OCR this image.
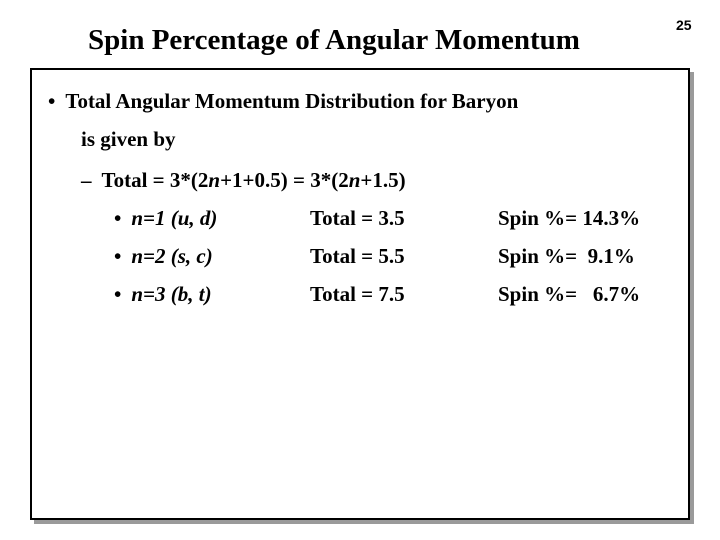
Spin Percentage of Angular Momentum	25
• Total Angular Momentum Distribution for Baryon
is given by
– Total = 3*(2n+1+0.5) = 3*(2n+1.5)
• n=1 (u, d)	Total = 3.5	Spin %= 14.3%
• n=2 (s, c)	Total = 5.5	Spin %= 9.1%
• n=3 (b, t)	Total = 7.5	Spin %= 6.7%
